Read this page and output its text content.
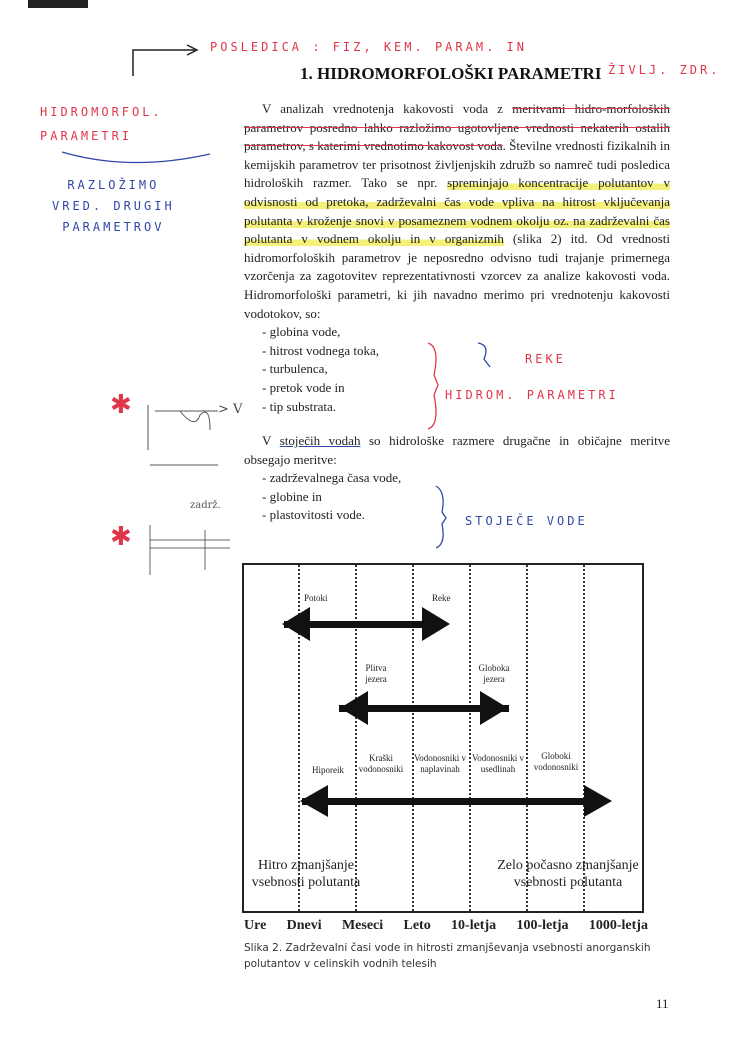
POSLEDICA : FIZ, KEM. PARAM. IN
ŽIVLJ. ZDR.
1. HIDROMORFOLOŠKI PARAMETRI
HIDROMORFOL.
PARAMETRI
RAZLOŽIMO
VRED. DRUGIH
PARAMETROV

V analizah vrednotenja kakovosti voda z meritvami hidro-morfoloških parametrov posredno lahko razložimo ugotovljene vrednosti nekaterih ostalih parametrov, s katerimi vrednotimo kakovost voda. Številne vrednosti fizikalnih in kemijskih parametrov ter prisotnost življenjskih združb so namreč tudi posledica hidroloških razmer. Tako se npr. spreminjajo koncentracije polutantov v odvisnosti od pretoka, zadrževalni čas vode vpliva na hitrost vključevanja polutanta v kroženje snovi v posameznem vodnem okolju oz. na zadrževalni čas polutanta v vodnem okolju in v organizmih (slika 2) itd. Od vrednosti hidromorfoloških parametrov je neposredno odvisno tudi trajanje primernega vzorčenja za zagotovitev reprezentativnosti vzorcev za analize kakovosti voda. Hidromorfološki parametri, ki jih navadno merimo pri vrednotenju kakovosti vodotokov, so:

- globina vode,
- hitrost vodnega toka,
- turbulenca,
- pretok vode in
- tip substrata.

V stoječih vodah so hidrološke razmere drugačne in običajne meritve obsegajo meritve:

- zadrževalnega časa vode,
- globine in
- plastovitosti vode.
REKE
HIDROM. PARAMETRI
✱	> V
STOJEČE VODE
✱
zadrž.
Potoki	Reke
Plitva jezera
Globoka jezera
Hiporeik
Kraški vodonosniki
Vodonosniki v naplavinah
Vodonosniki v usedlinah
Globoki vodonosniki
Hitro zmanjšanje vsebnosti polutanta
Zelo počasno zmanjšanje vsebnosti polutanta
Ure Dnevi Meseci Leto 10-letja 100-letja 1000-letja
Slika 2. Zadrževalni časi vode in hitrosti zmanjševanja vsebnosti anorganskih polutantov v celinskih vodnih telesih
11
